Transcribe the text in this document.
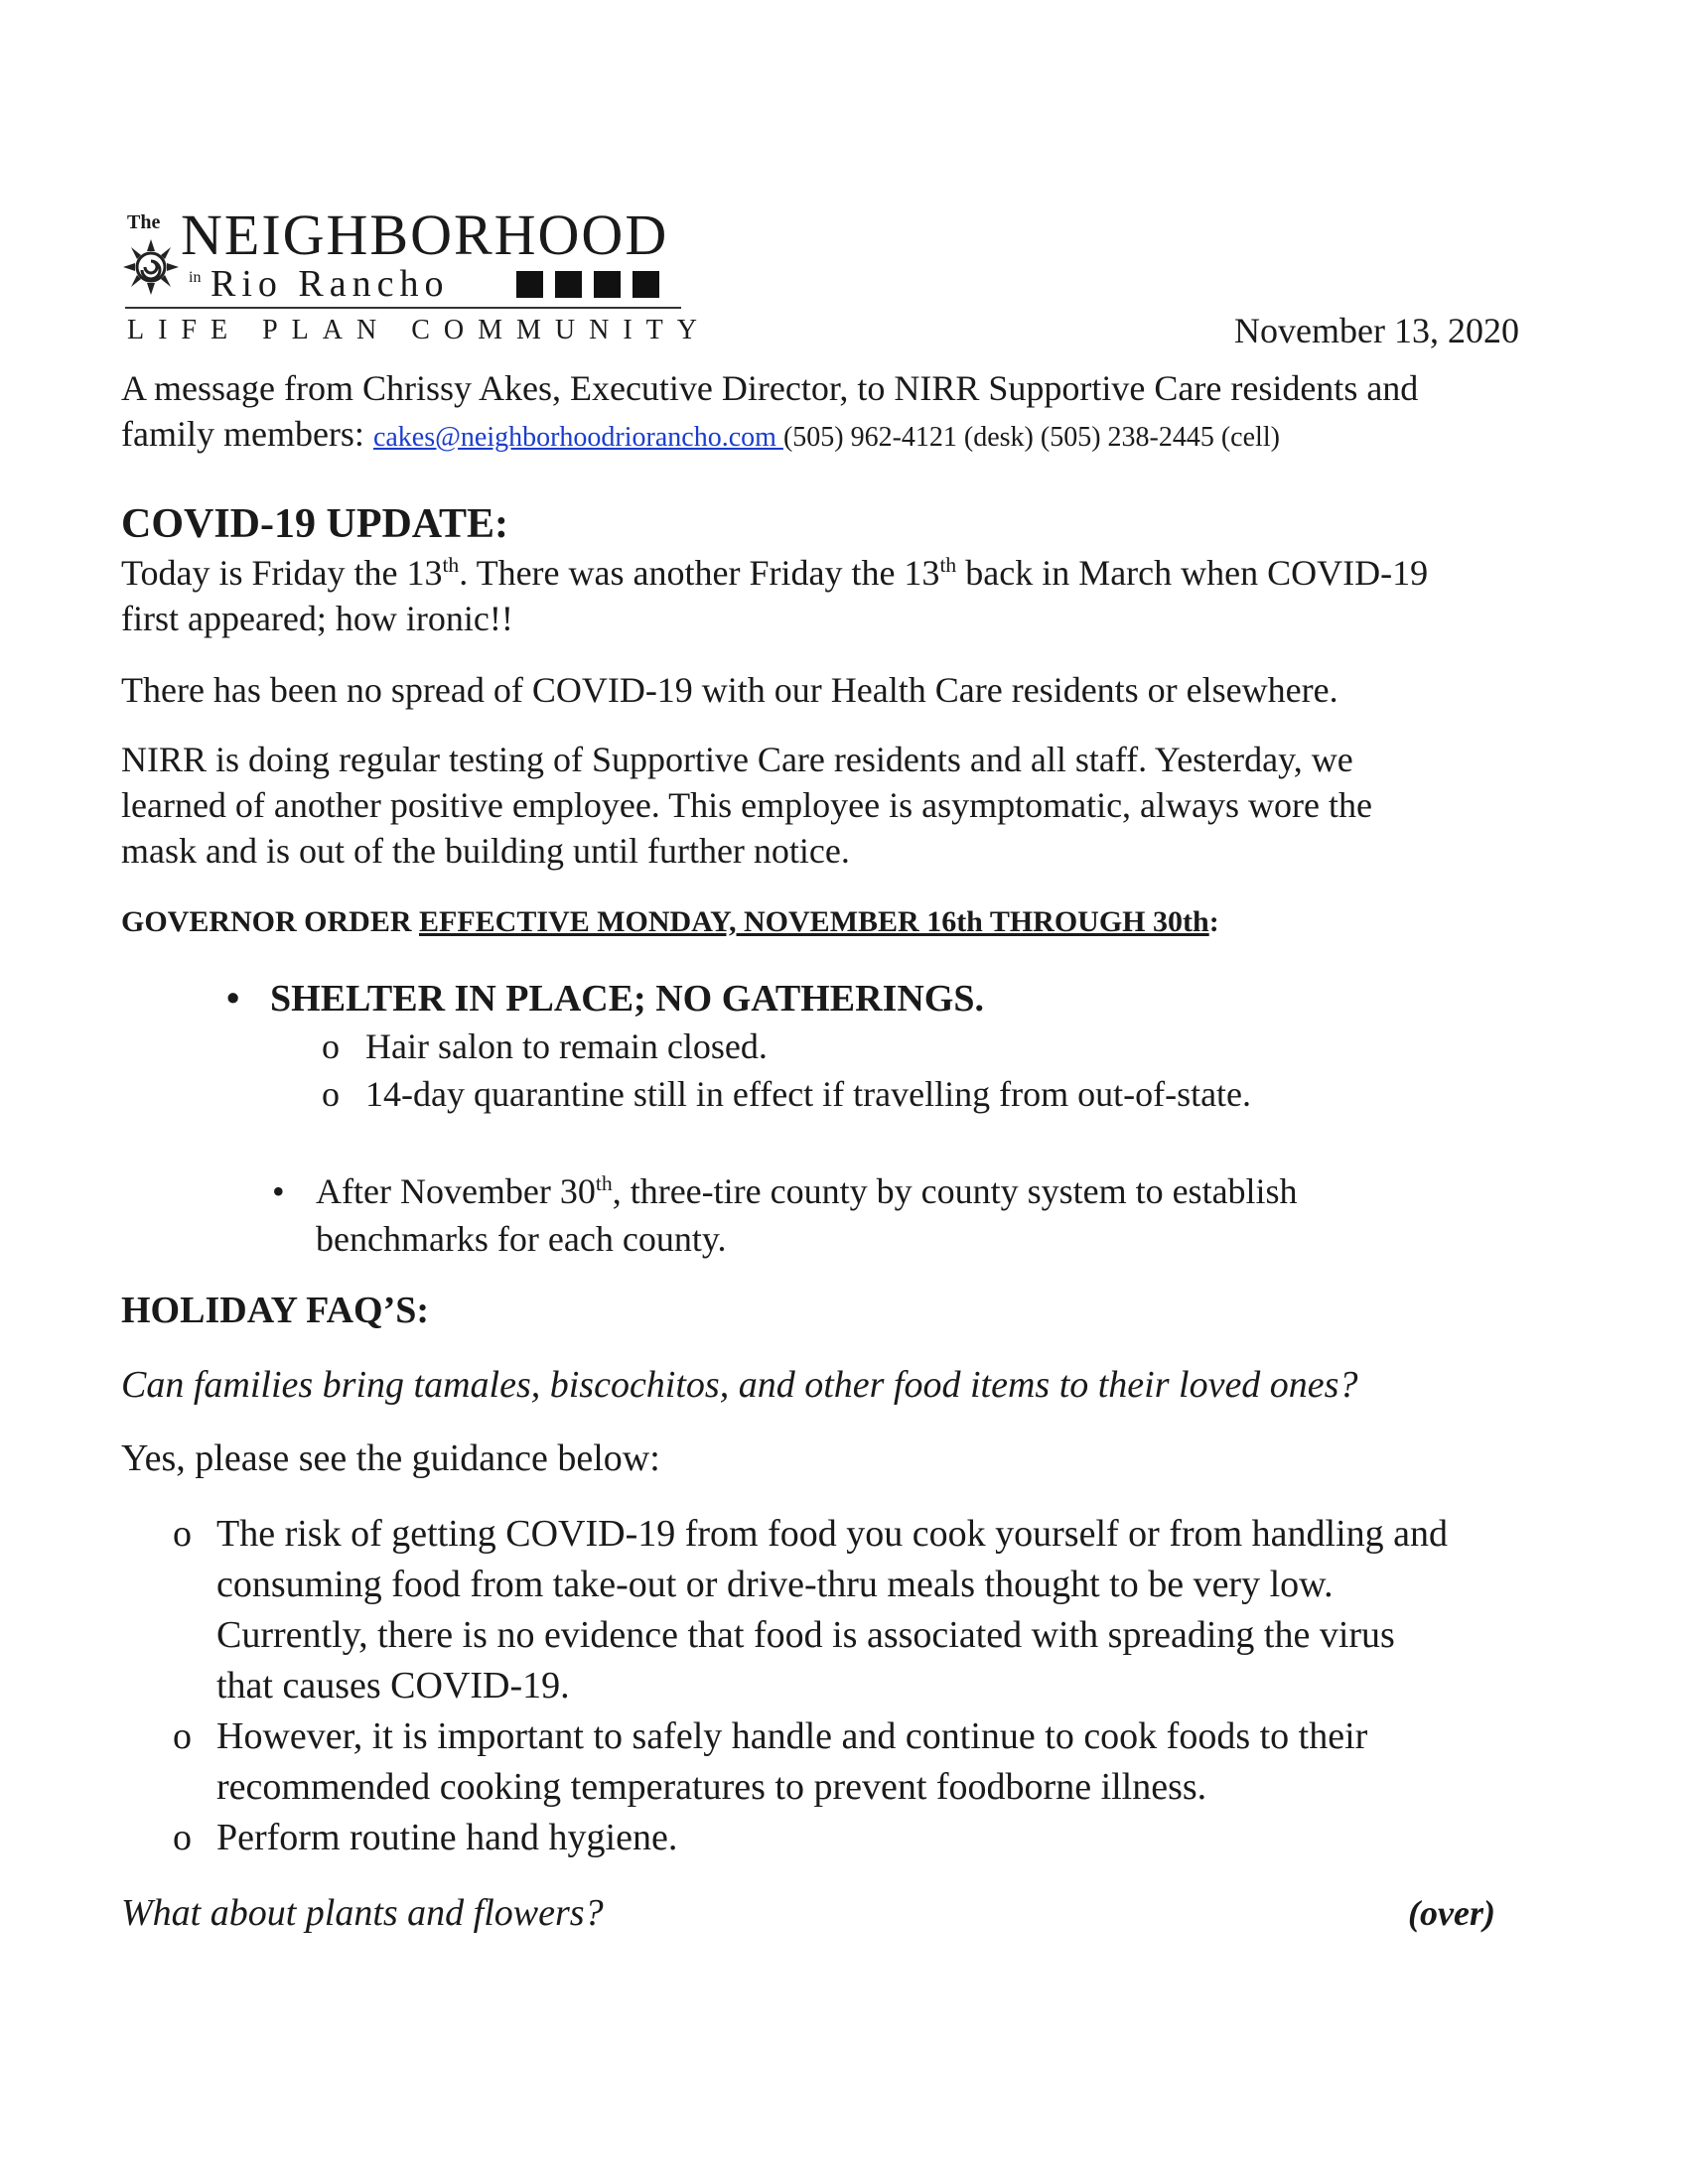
The NEIGHBORHOOD
in Rio Rancho
LIFE PLAN COMMUNITY	November 13, 2020
A message from Chrissy Akes, Executive Director, to NIRR Supportive Care residents and
family members: cakes@neighborhoodriorancho.com (505) 962-4121 (desk) (505) 238-2445 (cell)
COVID-19 UPDATE:
Today is Friday the 13th. There was another Friday the 13th back in March when COVID-19
first appeared; how ironic!!
There has been no spread of COVID-19 with our Health Care residents or elsewhere.
NIRR is doing regular testing of Supportive Care residents and all staff. Yesterday, we
learned of another positive employee. This employee is asymptomatic, always wore the
mask and is out of the building until further notice.
GOVERNOR ORDER EFFECTIVE MONDAY, NOVEMBER 16th THROUGH 30th:
• SHELTER IN PLACE; NO GATHERINGS.
o Hair salon to remain closed.
o 14-day quarantine still in effect if travelling from out-of-state.
• After November 30th, three-tire county by county system to establish
benchmarks for each county.
HOLIDAY FAQ’S:
Can families bring tamales, biscochitos, and other food items to their loved ones?
Yes, please see the guidance below:
o The risk of getting COVID-19 from food you cook yourself or from handling and
consuming food from take-out or drive-thru meals thought to be very low.
Currently, there is no evidence that food is associated with spreading the virus
that causes COVID-19.
o However, it is important to safely handle and continue to cook foods to their
recommended cooking temperatures to prevent foodborne illness.
o Perform routine hand hygiene.
What about plants and flowers?	(over)
